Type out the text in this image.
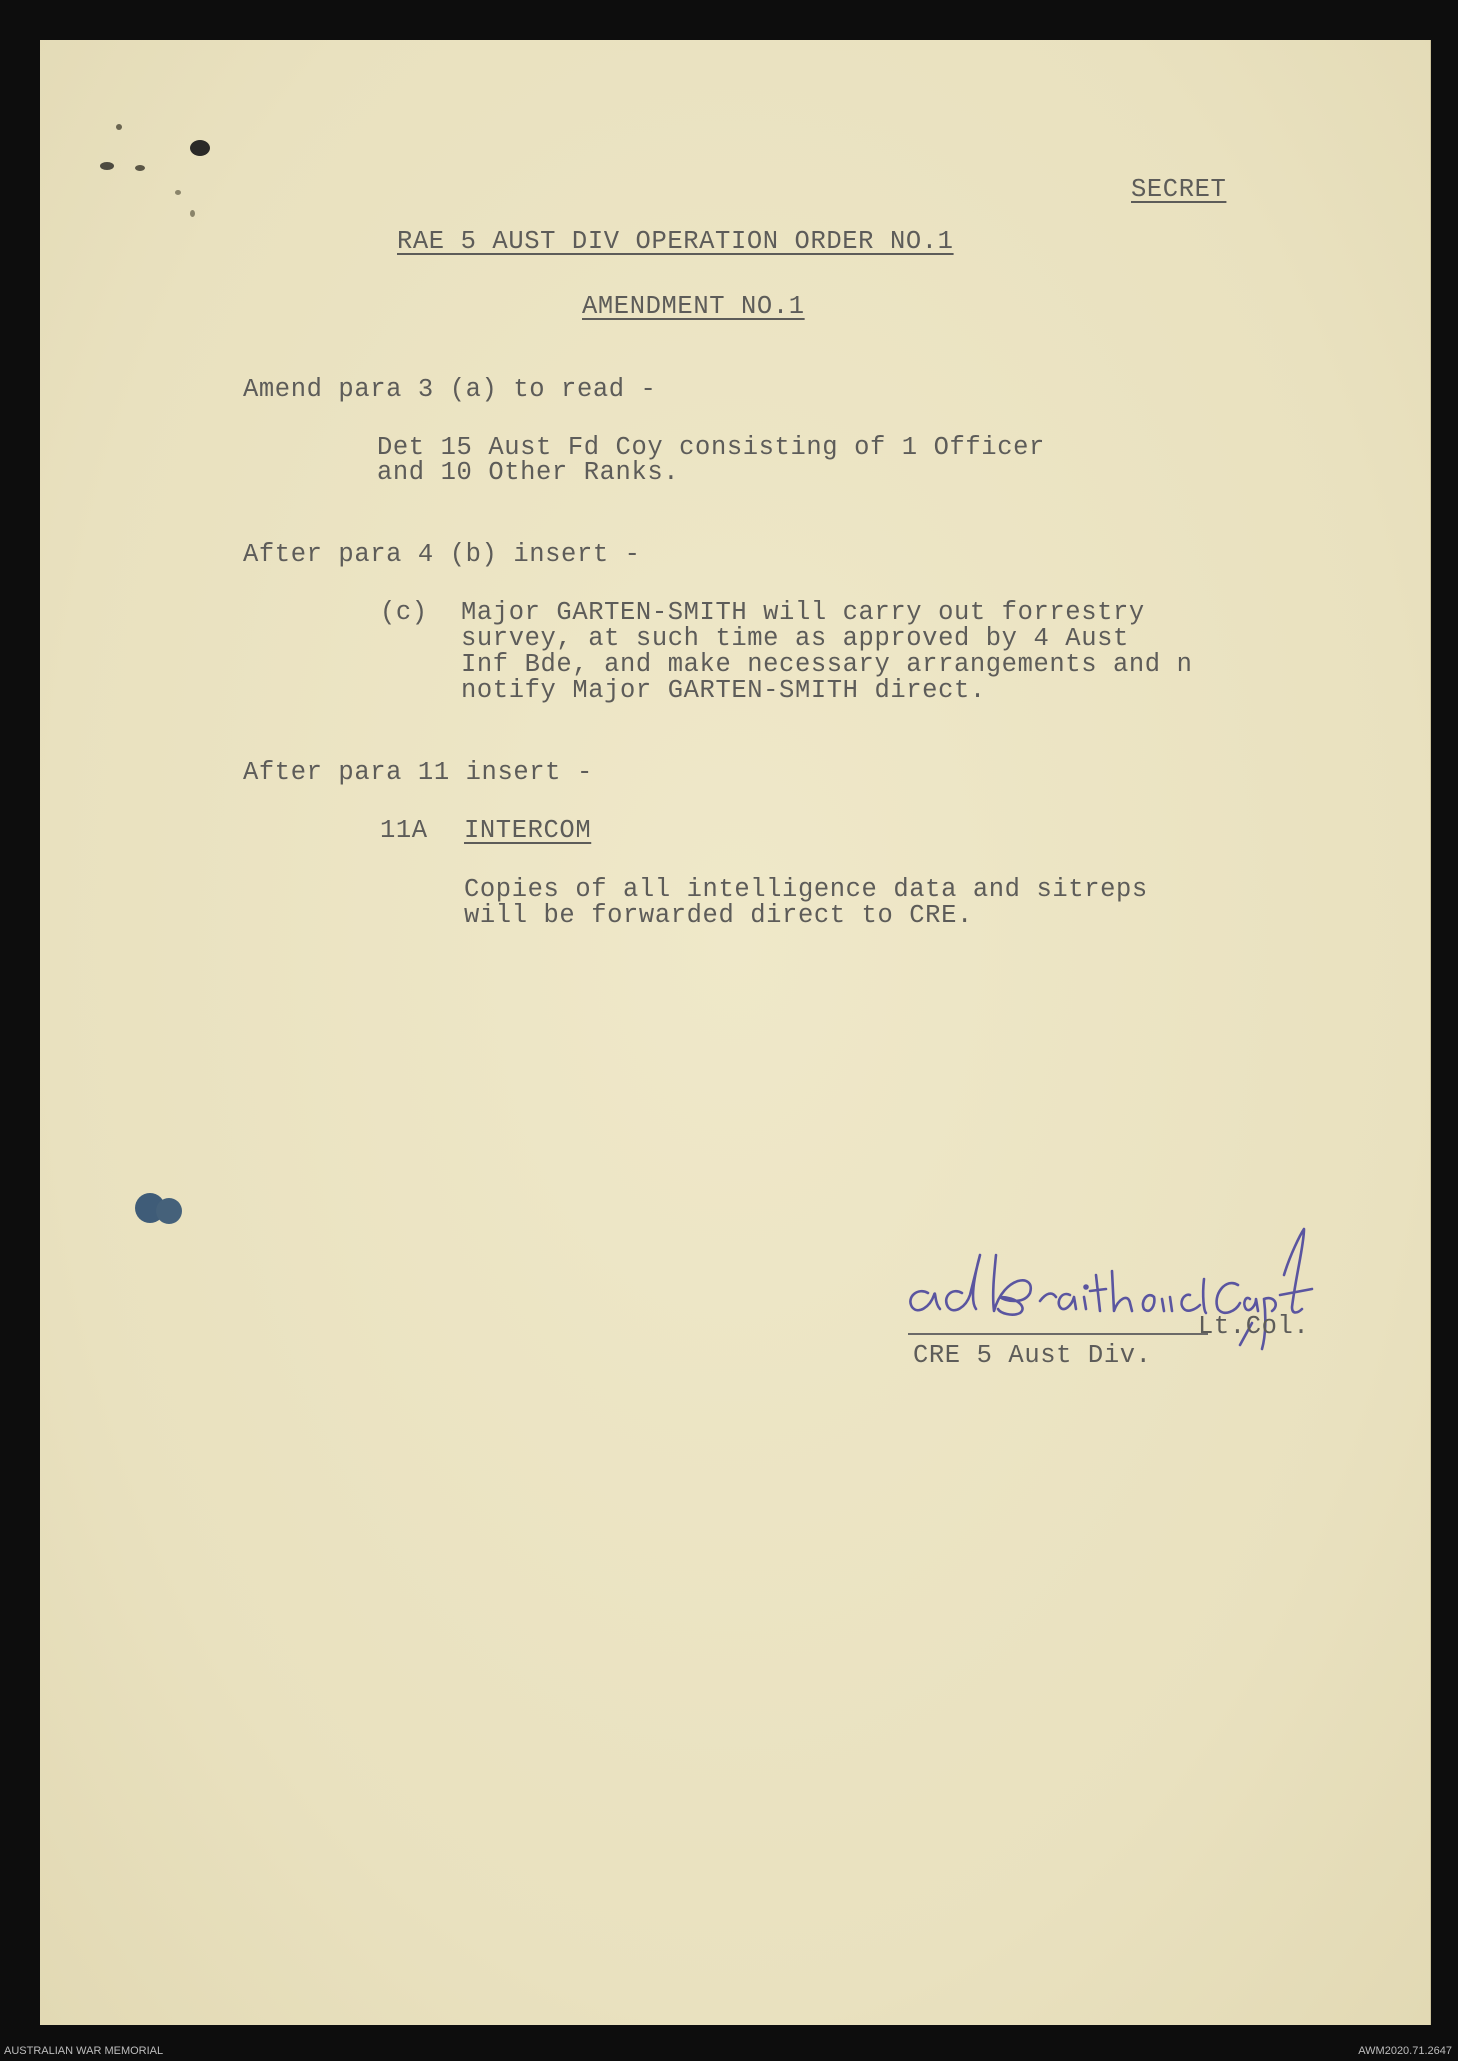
SECRET

RAE 5 AUST DIV OPERATION ORDER NO.1

AMENDMENT NO.1

Amend para 3 (a) to read -

Det 15 Aust Fd Coy consisting of 1 Officer

and 10 Other Ranks.

After para 4 (b) insert -

(c) Major GARTEN-SMITH will carry out forrestry

survey, at such time as approved by 4 Aust

Inf Bde, and make necessary arrangements and n

notify Major GARTEN-SMITH direct.

After para 11 insert -

11A INTERCOM

Copies of all intelligence data and sitreps

will be forwarded direct to CRE.

Lt.Col.

CRE 5 Aust Div.

AUSTRALIAN WAR MEMORIAL	AWM2020.71.2647
